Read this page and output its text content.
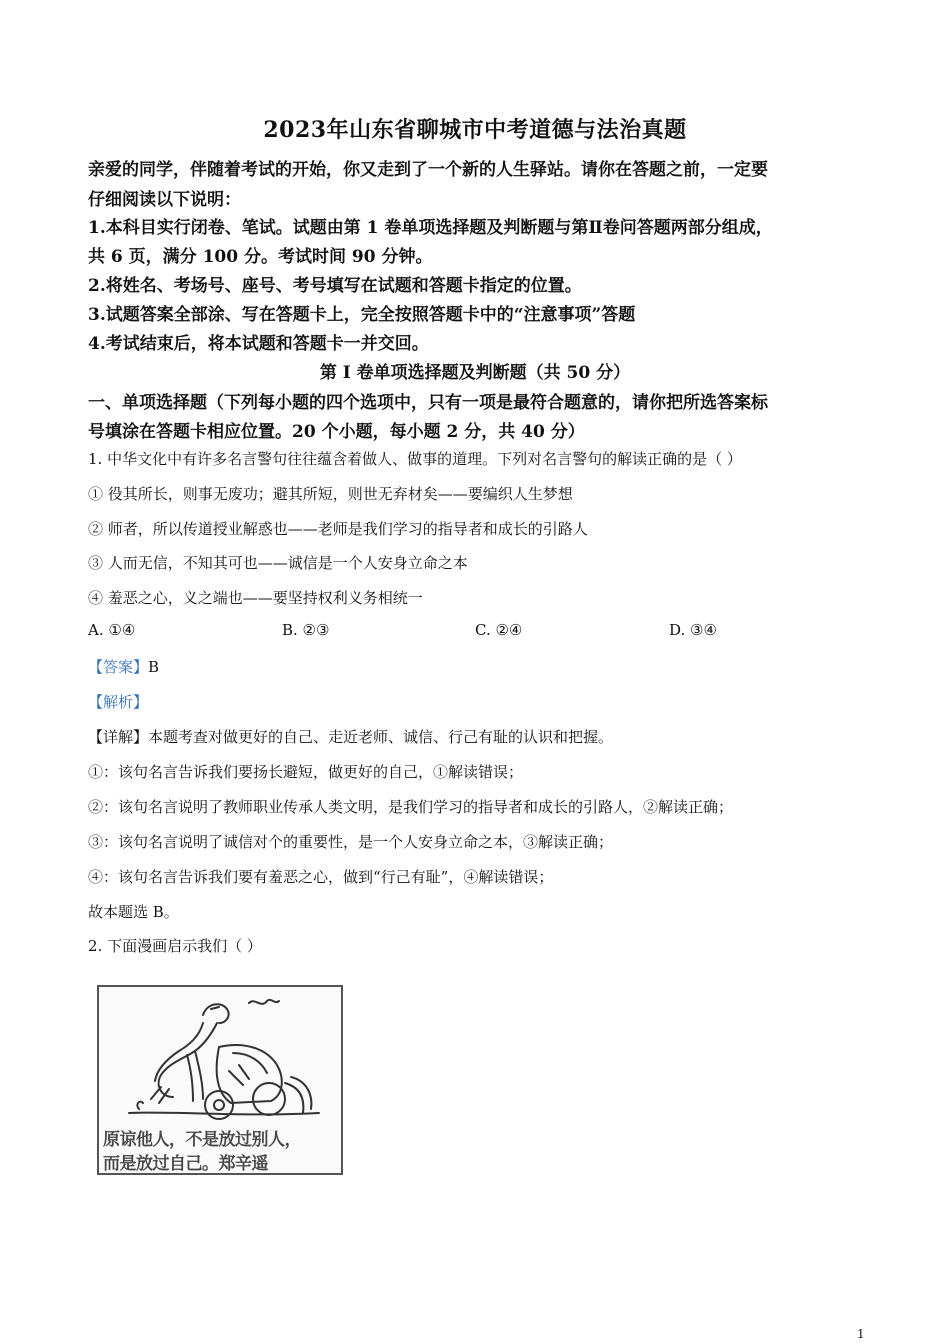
2023年山东省聊城市中考道德与法治真题
亲爱的同学，伴随着考试的开始，你又走到了一个新的人生驿站。请你在答题之前，一定要
仔细阅读以下说明：
1.本科目实行闭卷、笔试。试题由第 1 卷单项选择题及判断题与第Ⅱ卷问答题两部分组成，
共 6 页，满分 100 分。考试时间 90 分钟。
2.将姓名、考场号、座号、考号填写在试题和答题卡指定的位置。
3.试题答案全部涂、写在答题卡上，完全按照答题卡中的“注意事项”答题
4.考试结束后，将本试题和答题卡一并交回。
第 I 卷单项选择题及判断题（共 50 分）
一、单项选择题（下列每小题的四个选项中，只有一项是最符合题意的，请你把所选答案标
号填涂在答题卡相应位置。20 个小题，每小题 2 分，共 40 分）
1. 中华文化中有许多名言警句往往蕴含着做人、做事的道理。下列对名言警句的解读正确的是（ ）
① 役其所长，则事无废功；避其所短，则世无弃材矣——要编织人生梦想
② 师者，所以传道授业解惑也——老师是我们学习的指导者和成长的引路人
③ 人而无信，不知其可也——诚信是一个人安身立命之本
④ 羞恶之心，义之端也——要坚持权利义务相统一
A. ①④	B. ②③	C. ②④	D. ③④
【答案】B
【解析】
【详解】本题考查对做更好的自己、走近老师、诚信、行己有耻的认识和把握。
①：该句名言告诉我们要扬长避短，做更好的自己，①解读错误；
②：该句名言说明了教师职业传承人类文明，是我们学习的指导者和成长的引路人，②解读正确；
③：该句名言说明了诚信对个的重要性，是一个人安身立命之本，③解读正确；
④：该句名言告诉我们要有羞恶之心，做到“行己有耻”，④解读错误；
故本题选 B。
2. 下面漫画启示我们（ ）
原谅他人，不是放过别人，
而是放过自己。郑辛遥
1
